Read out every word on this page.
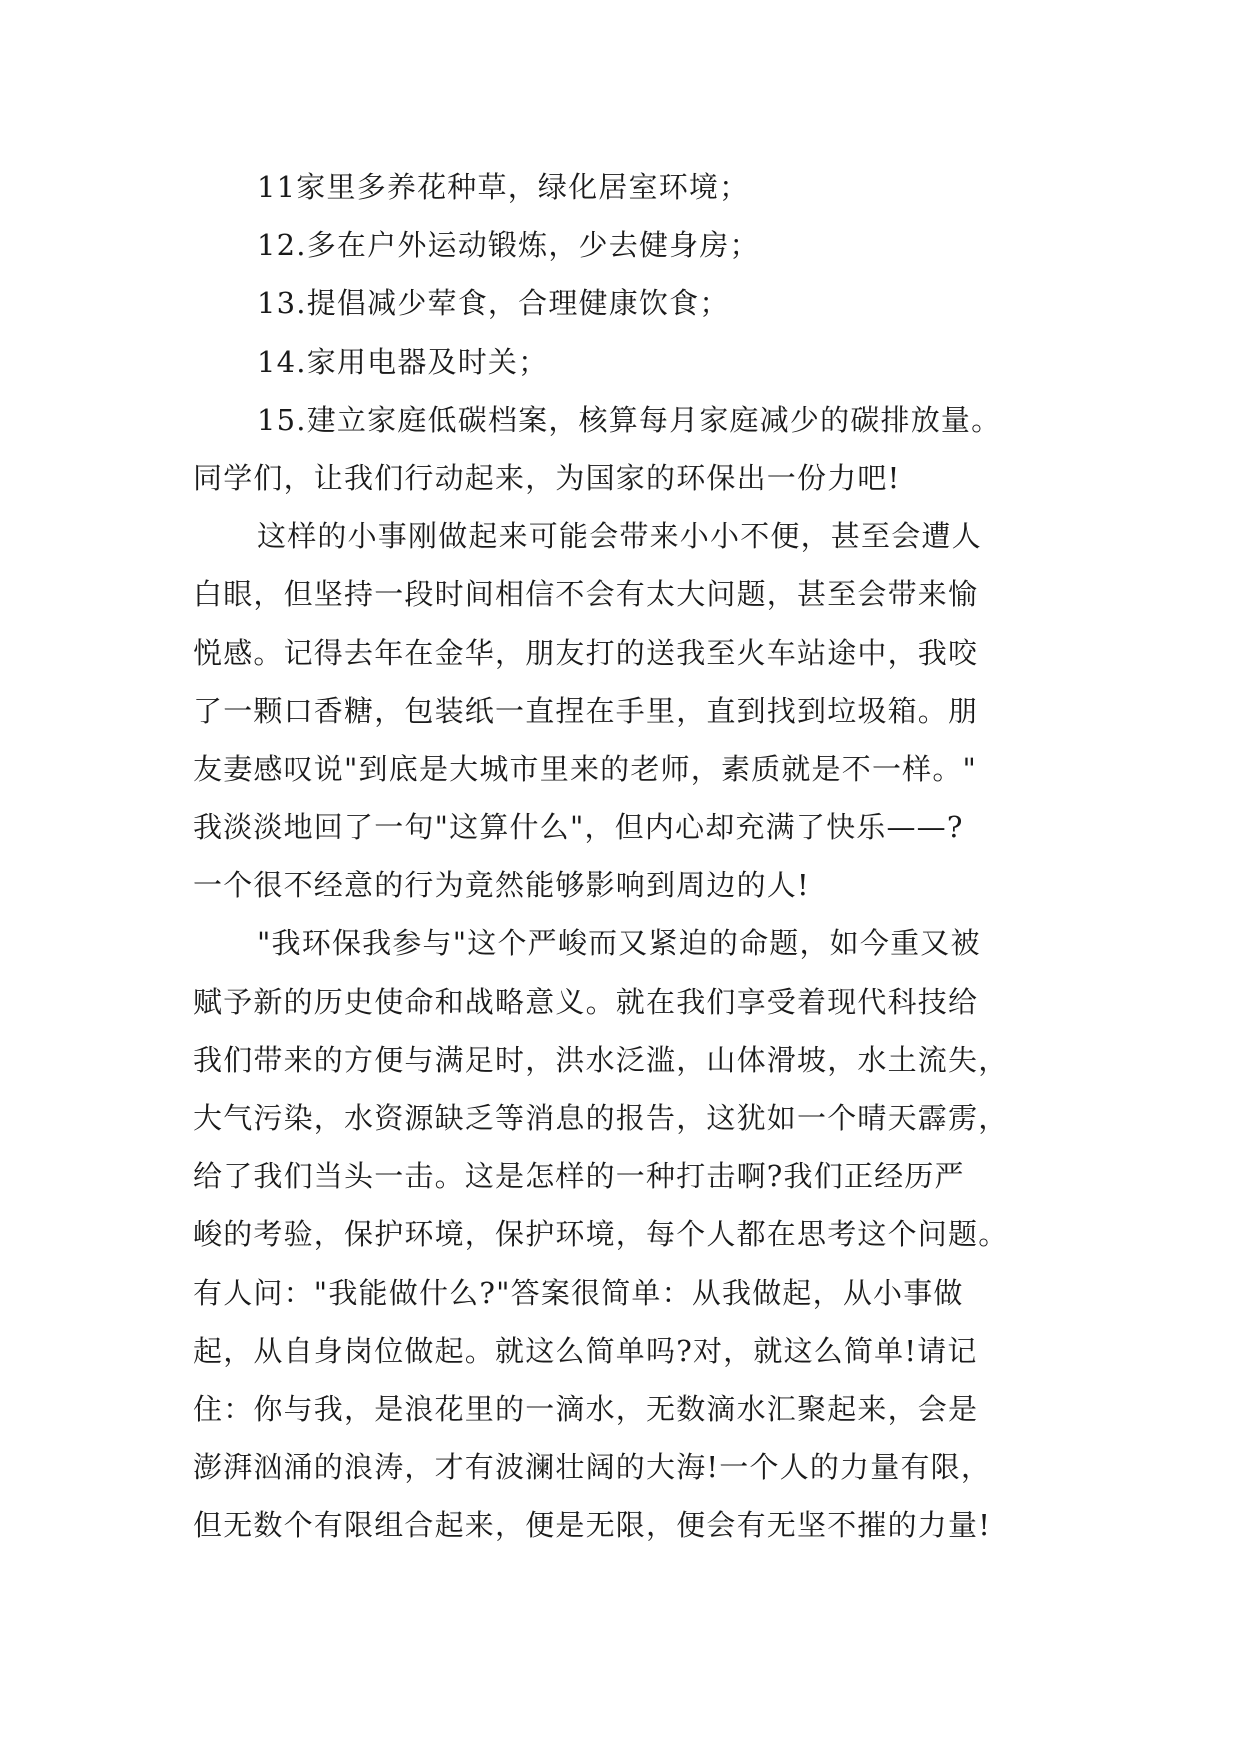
11家里多养花种草，绿化居室环境；
12.多在户外运动锻炼，少去健身房；
13.提倡减少荤食，合理健康饮食；
14.家用电器及时关；
15.建立家庭低碳档案，核算每月家庭减少的碳排放量。
同学们，让我们行动起来，为国家的环保出一份力吧!
这样的小事刚做起来可能会带来小小不便，甚至会遭人
白眼，但坚持一段时间相信不会有太大问题，甚至会带来愉
悦感。记得去年在金华，朋友打的送我至火车站途中，我咬
了一颗口香糖，包装纸一直捏在手里，直到找到垃圾箱。朋
友妻感叹说"到底是大城市里来的老师，素质就是不一样。"
我淡淡地回了一句"这算什么"，但内心却充满了快乐——?
一个很不经意的行为竟然能够影响到周边的人!
"我环保我参与"这个严峻而又紧迫的命题，如今重又被
赋予新的历史使命和战略意义。就在我们享受着现代科技给
我们带来的方便与满足时，洪水泛滥，山体滑坡，水土流失，
大气污染，水资源缺乏等消息的报告，这犹如一个晴天霹雳，
给了我们当头一击。这是怎样的一种打击啊?我们正经历严
峻的考验，保护环境，保护环境，每个人都在思考这个问题。
有人问："我能做什么?"答案很简单：从我做起，从小事做
起，从自身岗位做起。就这么简单吗?对，就这么简单!请记
住：你与我，是浪花里的一滴水，无数滴水汇聚起来，会是
澎湃汹涌的浪涛，才有波澜壮阔的大海!一个人的力量有限，
但无数个有限组合起来，便是无限，便会有无坚不摧的力量!
